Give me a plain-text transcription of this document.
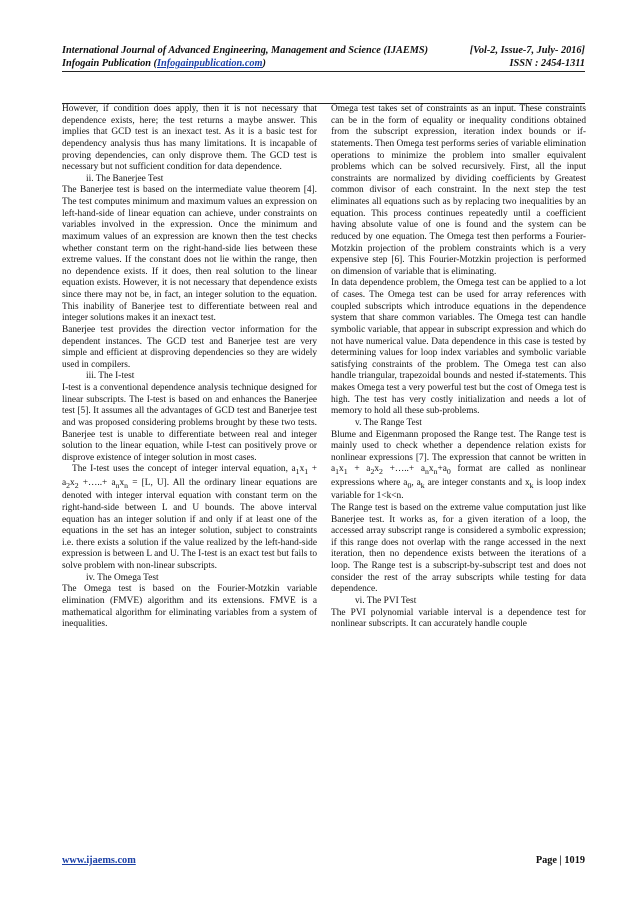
International Journal of Advanced Engineering, Management and Science (IJAEMS)	[Vol-2, Issue-7, July- 2016]
Infogain Publication (Infogainpublication.com)	ISSN : 2454-1311

However, if condition does apply, then it is not necessary that dependence exists, here; the test returns a maybe answer. This implies that GCD test is an inexact test. As it is a basic test for dependency analysis thus has many limitations. It is incapable of proving dependencies, can only disprove them. The GCD test is necessary but not sufficient condition for data dependence.

ii. The Banerjee Test

The Banerjee test is based on the intermediate value theorem [4]. The test computes minimum and maximum values an expression on left-hand-side of linear equation can achieve, under constraints on variables involved in the expression. Once the minimum and maximum values of an expression are known then the test checks whether constant term on the right-hand-side lies between these extreme values. If the constant does not lie within the range, then no dependence exists. If it does, then real solution to the linear equation exists. However, it is not necessary that dependence exists since there may not be, in fact, an integer solution to the equation. This inability of Banerjee test to differentiate between real and integer solutions makes it an inexact test.

Banerjee test provides the direction vector information for the dependent instances. The GCD test and Banerjee test are very simple and efficient at disproving dependencies so they are widely used in compilers.

iii. The I-test

I-test is a conventional dependence analysis technique designed for linear subscripts. The I-test is based on and enhances the Banerjee test [5]. It assumes all the advantages of GCD test and Banerjee test and was proposed considering problems brought by these two tests. Banerjee test is unable to differentiate between real and integer solution to the linear equation, while I-test can positively prove or disprove existence of integer solution in most cases.

The I-test uses the concept of integer interval equation, $a_1x_1 + a_2x_2$ +…..+ $a_nx_n = [L$, U]. All the ordinary linear equations are denoted with integer interval equation with constant term on the right-hand-side between L and U bounds. The above interval equation has an integer solution if and only if at least one of the equations in the set has an integer solution, subject to constraints i.e. there exists a solution if the value realized by the left-hand-side expression is between L and U. The I-test is an exact test but fails to solve problem with non-linear subscripts.

iv. The Omega Test

The Omega test is based on the Fourier-Motzkin variable elimination (FMVE) algorithm and its extensions. FMVE is a mathematical algorithm for eliminating variables from a system of inequalities.

Omega test takes set of constraints as an input. These constraints can be in the form of equality or inequality conditions obtained from the subscript expression, iteration index bounds or if-statements. Then Omega test performs series of variable elimination operations to minimize the problem into smaller equivalent problems which can be solved recursively. First, all the input constraints are normalized by dividing coefficients by Greatest common divisor of each constraint. In the next step the test eliminates all equations such as by replacing two inequalities by an equation. This process continues repeatedly until a coefficient having absolute value of one is found and the system can be reduced by one equation. The Omega test then performs a Fourier-Motzkin projection of the problem constraints which is a very expensive step [6]. This Fourier-Motzkin projection is performed on dimension of variable that is eliminating.

In data dependence problem, the Omega test can be applied to a lot of cases. The Omega test can be used for array references with coupled subscripts which introduce equations in the dependence system that share common variables. The Omega test can handle symbolic variable, that appear in subscript expression and which do not have numerical value. Data dependence in this case is tested by determining values for loop index variables and symbolic variable satisfying constraints of the problem. The Omega test can also handle triangular, trapezoidal bounds and nested if-statements. This makes Omega test a very powerful test but the cost of Omega test is high. The test has very costly initialization and needs a lot of memory to hold all these sub-problems.

v. The Range Test

Blume and Eigenmann proposed the Range test. The Range test is mainly used to check whether a dependence relation exists for nonlinear expressions [7]. The expression that cannot be written in $a_1x_1 + a_2x_2$ +…..+ $a_nx_n+a_0$ format are called as nonlinear expressions where $a_0$, $a_k$ are integer constants and $x_k$ is loop index variable for 1<k<n.

The Range test is based on the extreme value computation just like Banerjee test. It works as, for a given iteration of a loop, the accessed array subscript range is considered a symbolic expression; if this range does not overlap with the range accessed in the next iteration, then no dependence exists between the iterations of a loop. The Range test is a subscript-by-subscript test and does not consider the rest of the array subscripts while testing for data dependence.

vi. The PVI Test

The PVI polynomial variable interval is a dependence test for nonlinear subscripts. It can accurately handle couple

www.ijaems.com	Page | 1019
